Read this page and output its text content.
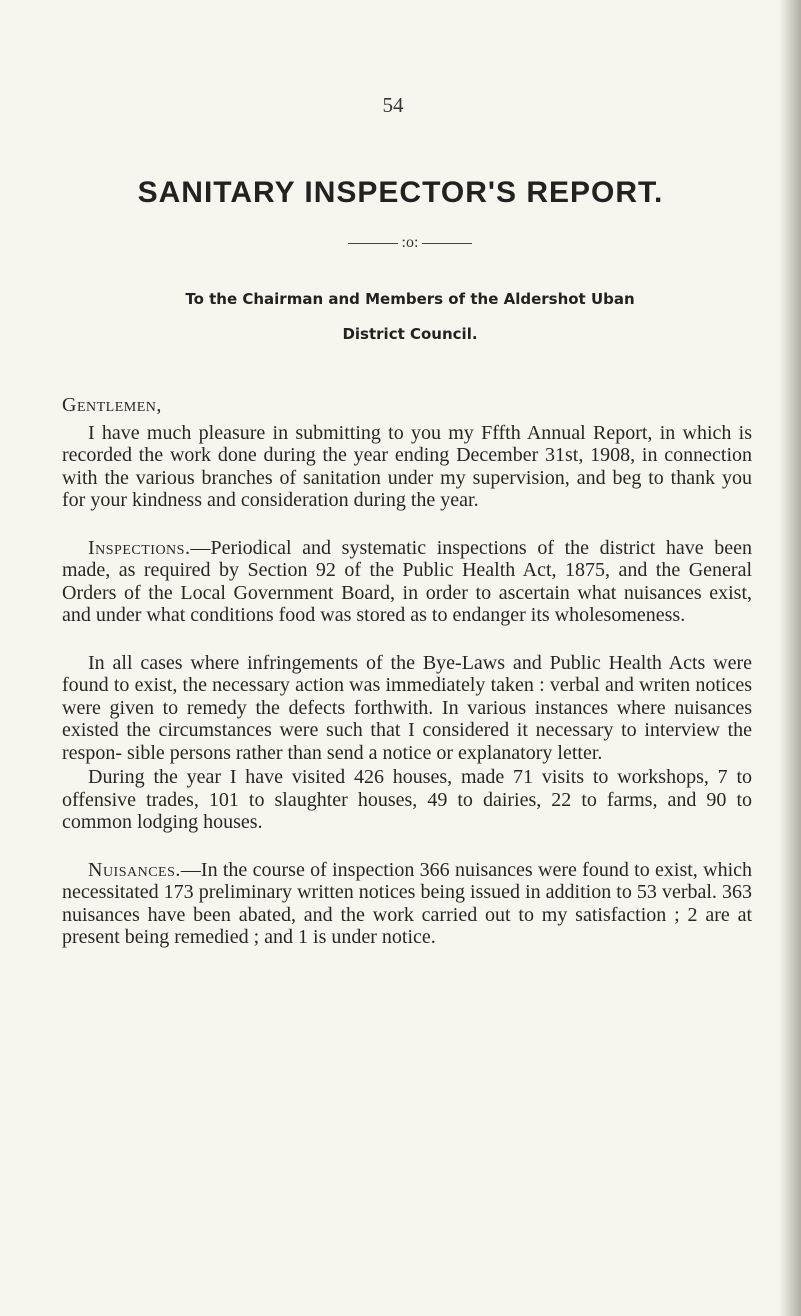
54
SANITARY INSPECTOR'S REPORT.
:o:
To the Chairman and Members of the Aldershot Uban
District Council.

Gentlemen,

I have much pleasure in submitting to you my Fffth Annual Report, in which is recorded the work done during the year ending December 31st, 1908, in connection with the various branches of sanitation under my supervision, and beg to thank you for your kindness and consideration during the year.

Inspections.—Periodical and systematic inspections of the district have been made, as required by Section 92 of the Public Health Act, 1875, and the General Orders of the Local Government Board, in order to ascertain what nuisances exist, and under what conditions food was stored as to endanger its wholesomeness.

In all cases where infringements of the Bye-Laws and Public Health Acts were found to exist, the necessary action was immediately taken : verbal and writen notices were given to remedy the defects forthwith. In various instances where nuisances existed the circumstances were such that I considered it necessary to interview the respon- sible persons rather than send a notice or explanatory letter.

During the year I have visited 426 houses, made 71 visits to workshops, 7 to offensive trades, 101 to slaughter houses, 49 to dairies, 22 to farms, and 90 to common lodging houses.

Nuisances.—In the course of inspection 366 nuisances were found to exist, which necessitated 173 preliminary written notices being issued in addition to 53 verbal. 363 nuisances have been abated, and the work carried out to my satisfaction ; 2 are at present being remedied ; and 1 is under notice.
